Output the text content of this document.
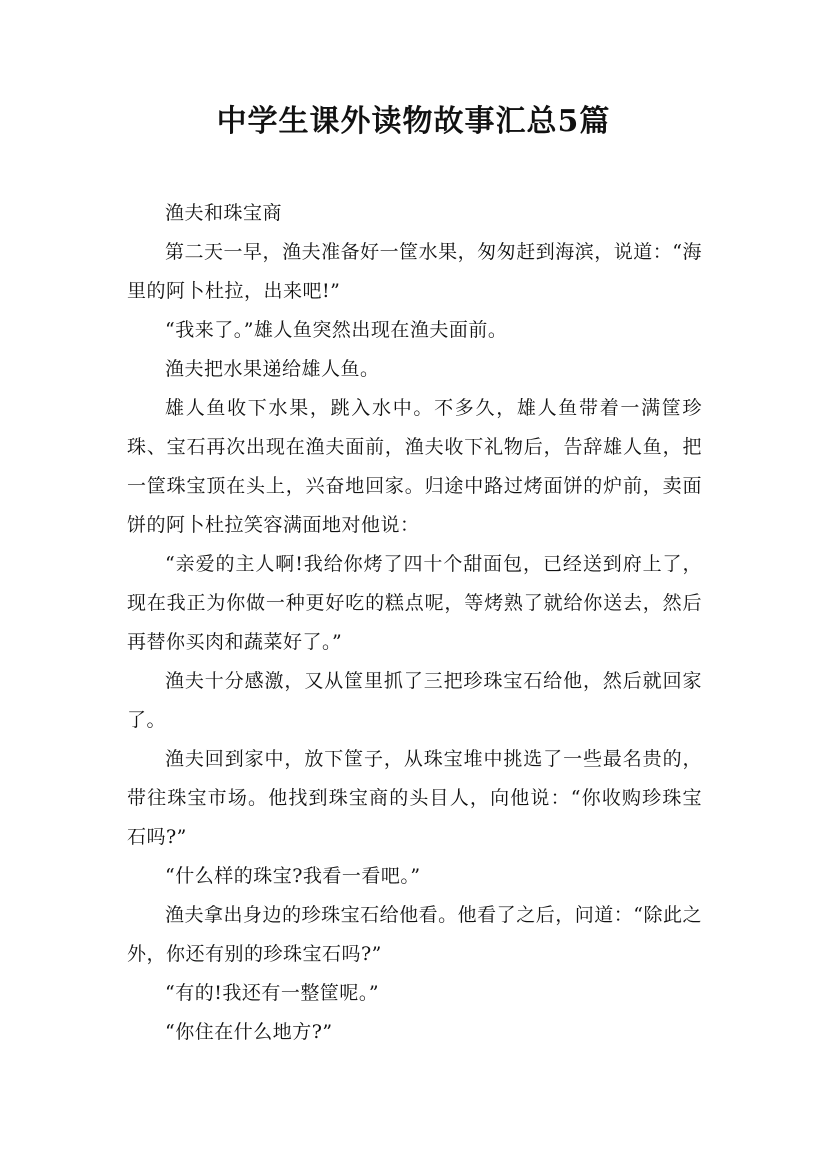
中学生课外读物故事汇总5篇

渔夫和珠宝商

第二天一早，渔夫准备好一筐水果，匆匆赶到海滨，说道：“海里的阿卜杜拉，出来吧!”

“我来了。”雄人鱼突然出现在渔夫面前。

渔夫把水果递给雄人鱼。

雄人鱼收下水果，跳入水中。不多久，雄人鱼带着一满筐珍珠、宝石再次出现在渔夫面前，渔夫收下礼物后，告辞雄人鱼，把一筐珠宝顶在头上，兴奋地回家。归途中路过烤面饼的炉前，卖面饼的阿卜杜拉笑容满面地对他说：

“亲爱的主人啊!我给你烤了四十个甜面包，已经送到府上了，现在我正为你做一种更好吃的糕点呢，等烤熟了就给你送去，然后再替你买肉和蔬菜好了。”

渔夫十分感激，又从筐里抓了三把珍珠宝石给他，然后就回家了。

渔夫回到家中，放下筐子，从珠宝堆中挑选了一些最名贵的，带往珠宝市场。他找到珠宝商的头目人，向他说：“你收购珍珠宝石吗?”

“什么样的珠宝?我看一看吧。”

渔夫拿出身边的珍珠宝石给他看。他看了之后，问道：“除此之外，你还有别的珍珠宝石吗?”

“有的!我还有一整筐呢。”

“你住在什么地方?”
